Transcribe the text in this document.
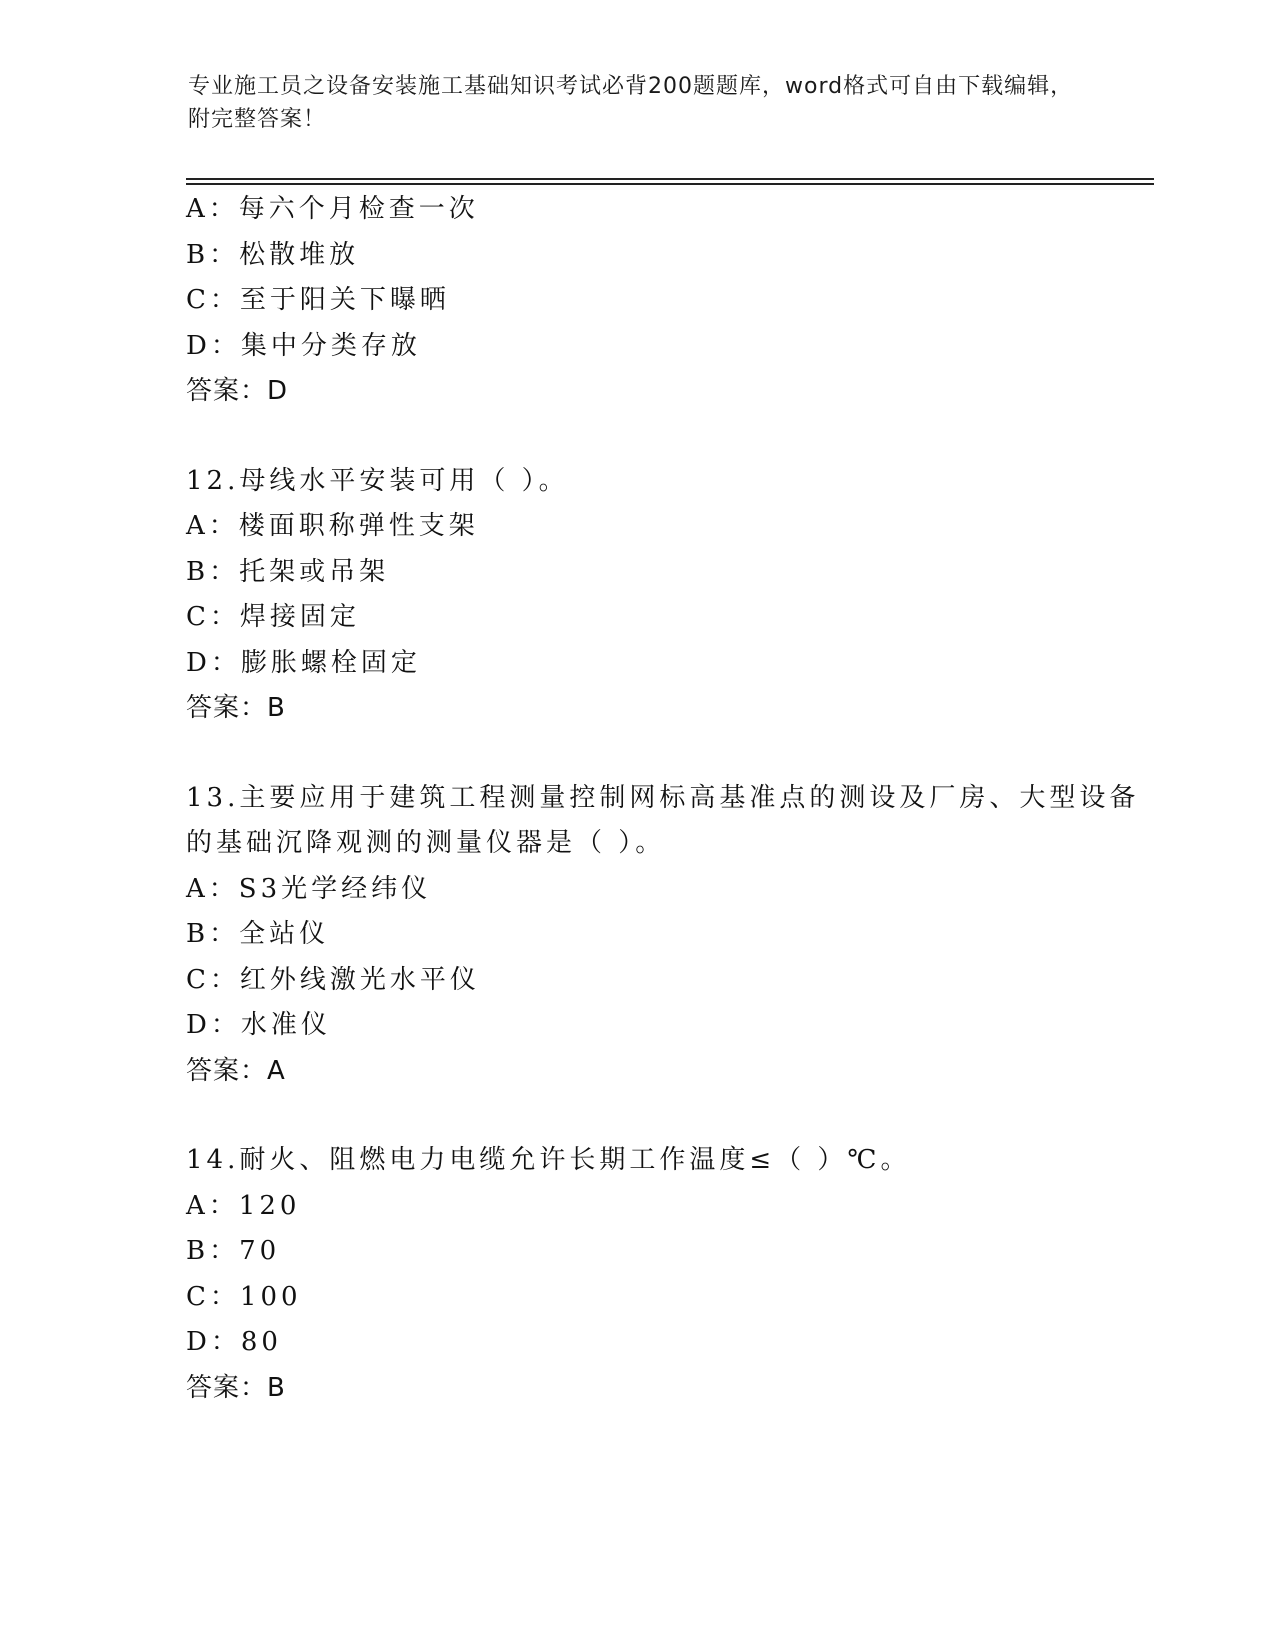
专业施工员之设备安装施工基础知识考试必背200题题库，word格式可自由下载编辑，附完整答案！
A：每六个月检查一次
B：松散堆放
C：至于阳关下曝晒
D：集中分类存放
答案：D
12.母线水平安装可用（ ）。
A：楼面职称弹性支架
B：托架或吊架
C：焊接固定
D：膨胀螺栓固定
答案：B
13.主要应用于建筑工程测量控制网标高基准点的测设及厂房、大型设备的基础沉降观测的测量仪器是（ ）。
A：S3光学经纬仪
B：全站仪
C：红外线激光水平仪
D：水准仪
答案：A
14.耐火、阻燃电力电缆允许长期工作温度≤（ ）℃。
A：120
B：70
C：100
D：80
答案：B
